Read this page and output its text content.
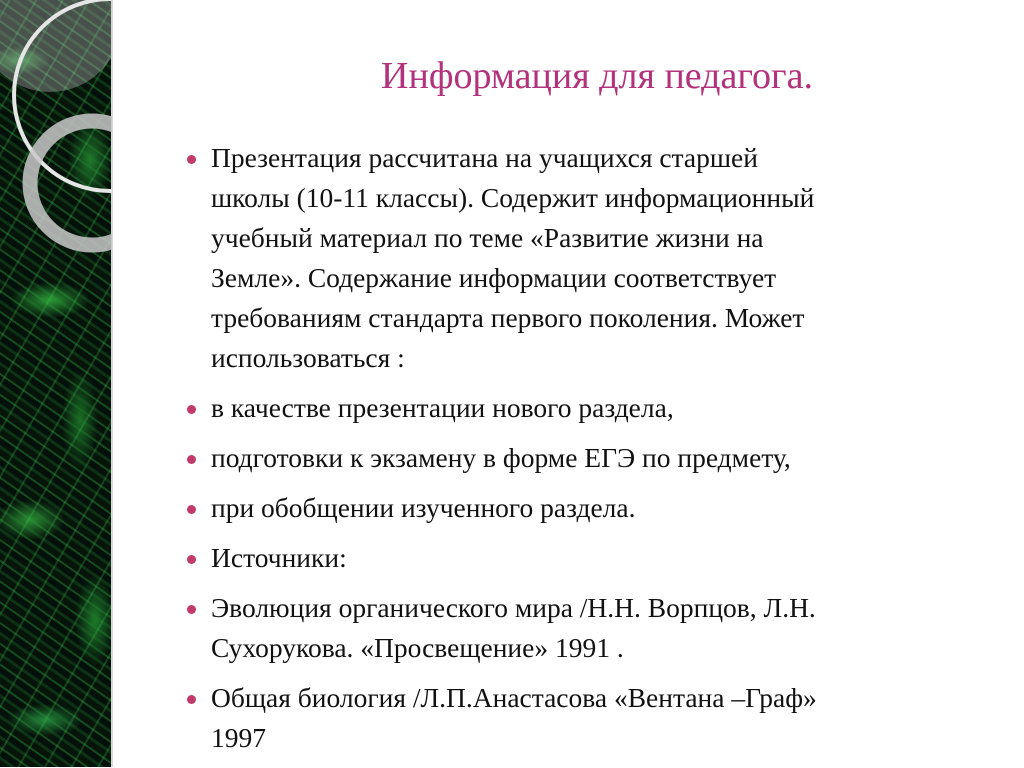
Информация для педагога.
Презентация рассчитана на учащихся старшей
школы (10-11 классы). Содержит информационный
учебный материал по теме «Развитие жизни на
Земле». Содержание информации соответствует
требованиям стандарта первого поколения. Может
использоваться :
в качестве презентации нового раздела,
подготовки к экзамену в форме ЕГЭ по предмету,
при обобщении изученного раздела.
Источники:
Эволюция органического мира /Н.Н. Ворпцов, Л.Н.
Сухорукова. «Просвещение» 1991 .
Общая биология /Л.П.Анастасова «Вентана –Граф»
1997
